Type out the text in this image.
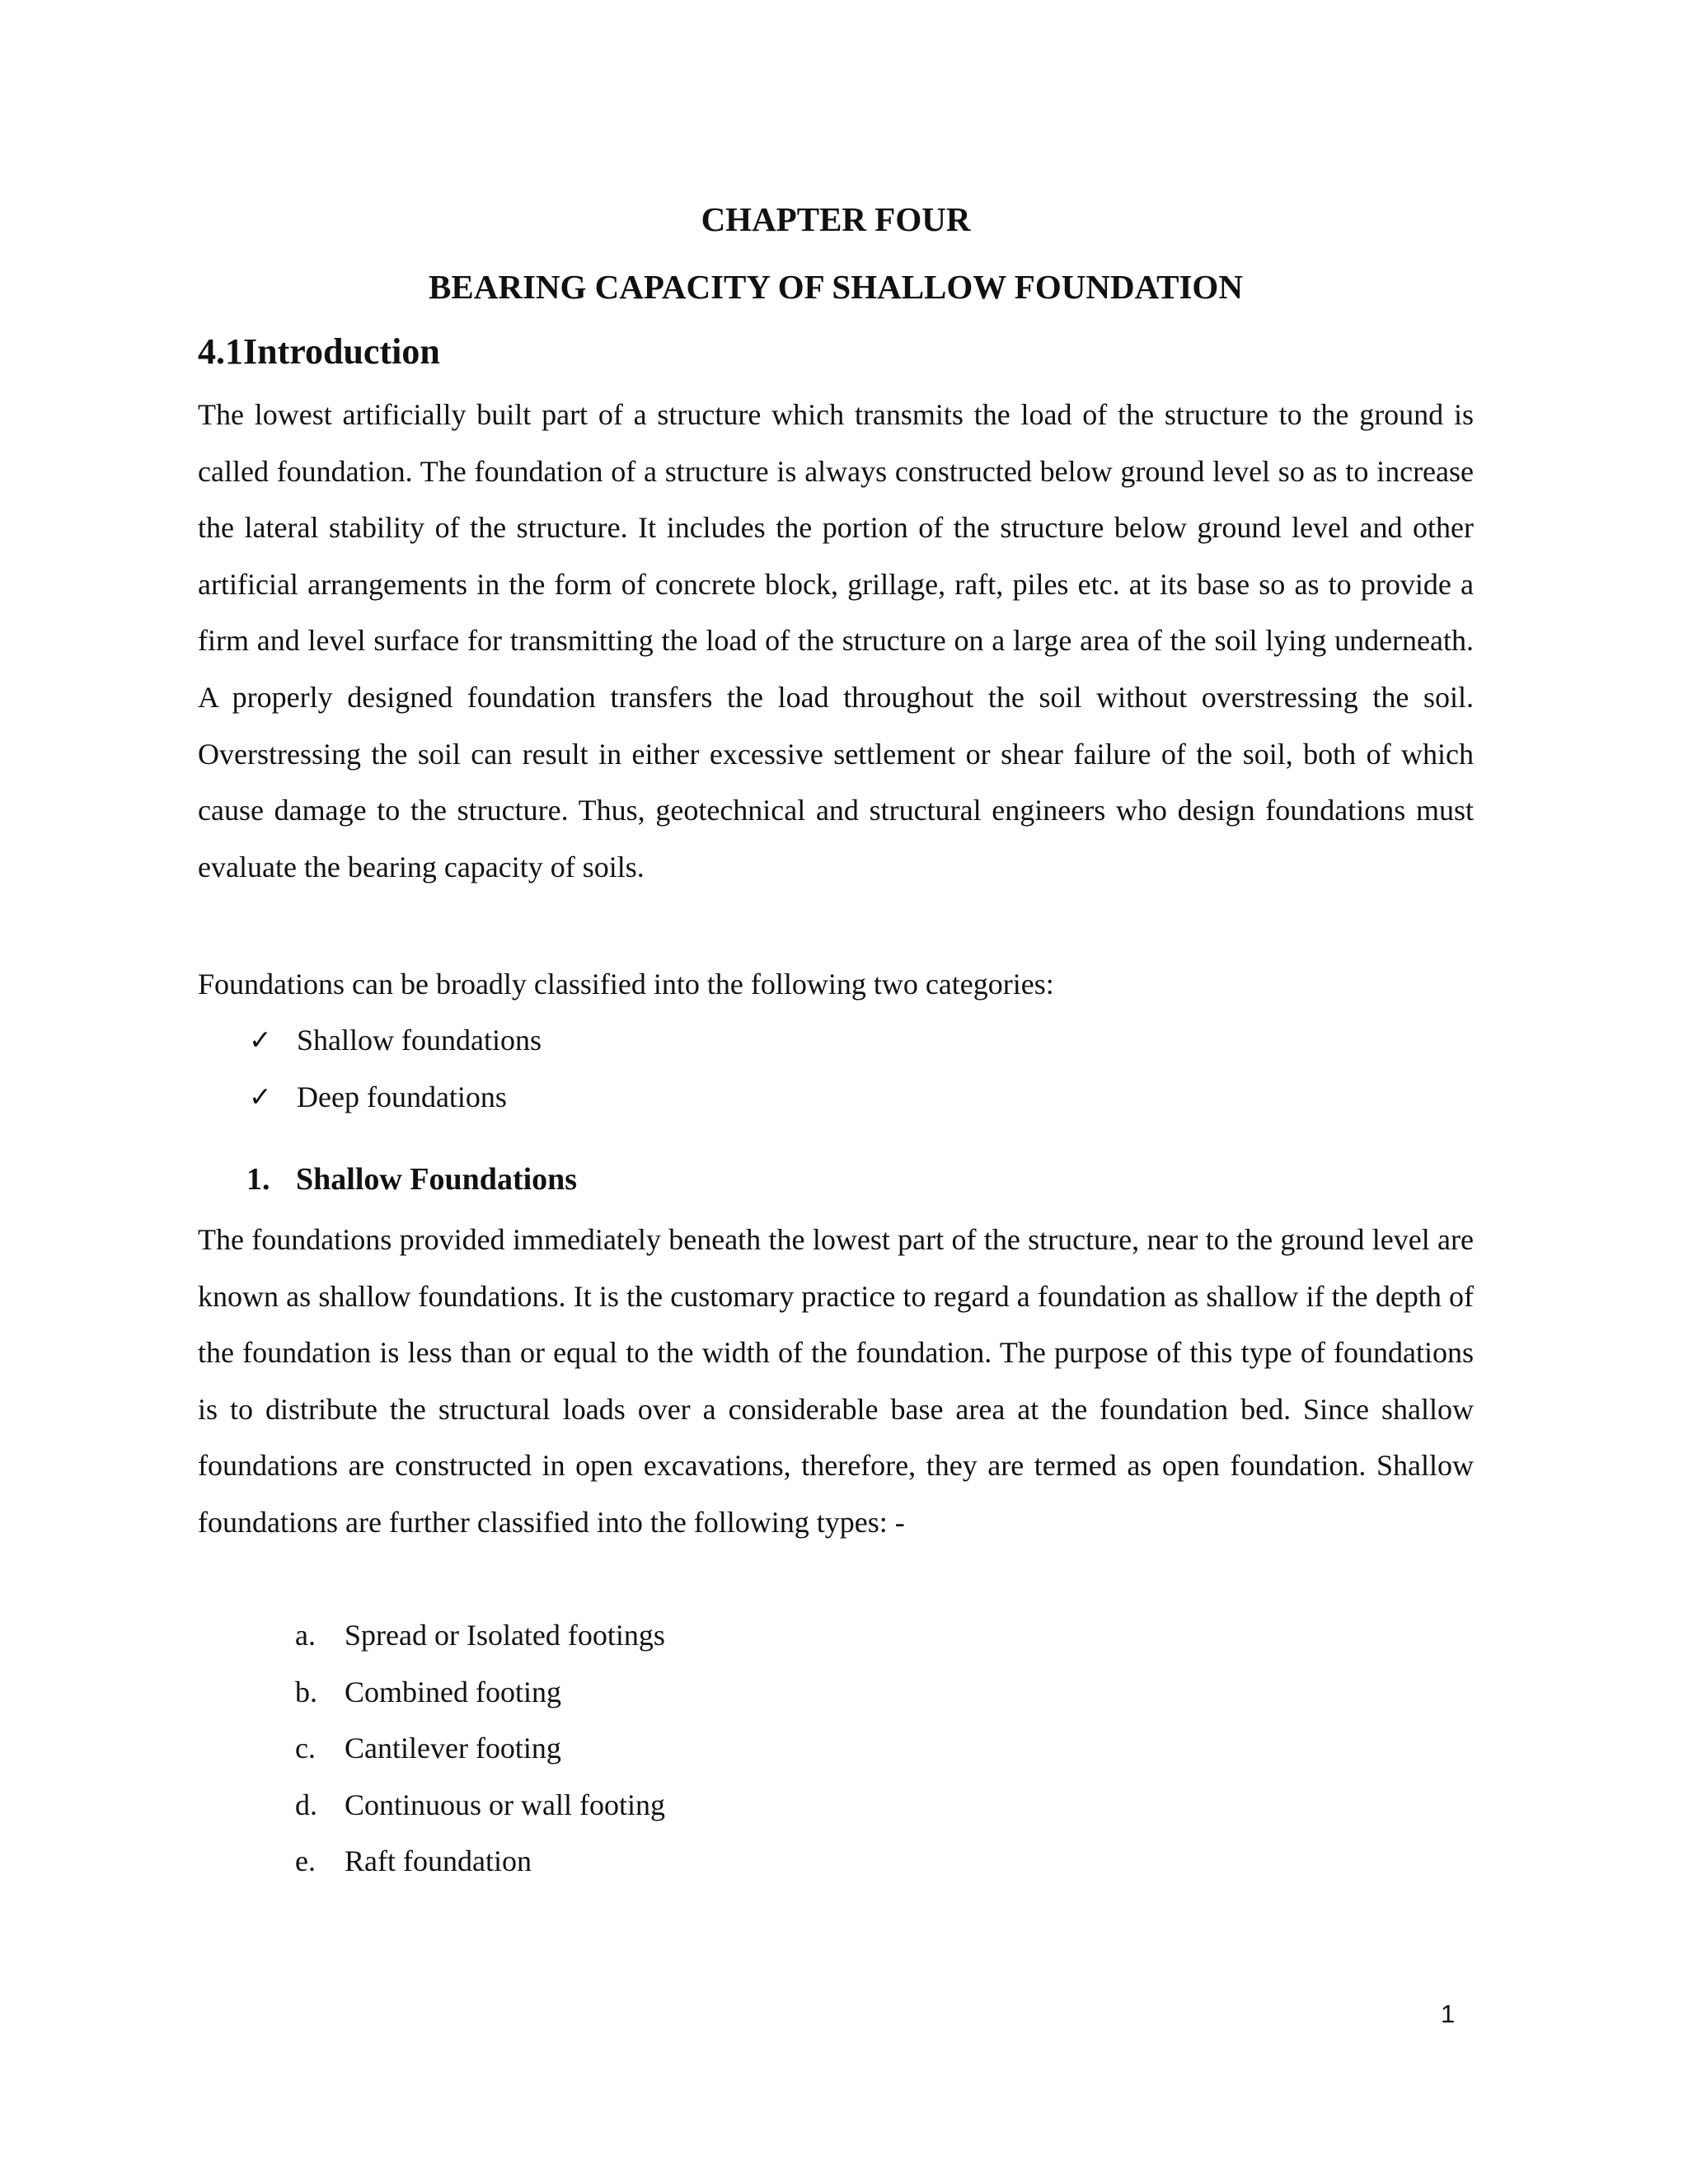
CHAPTER FOUR
BEARING CAPACITY OF SHALLOW FOUNDATION
4.1Introduction

The lowest artificially built part of a structure which transmits the load of the structure to the ground is called foundation. The foundation of a structure is always constructed below ground level so as to increase the lateral stability of the structure. It includes the portion of the structure below ground level and other artificial arrangements in the form of concrete block, grillage, raft, piles etc. at its base so as to provide a firm and level surface for transmitting the load of the structure on a large area of the soil lying underneath. A properly designed foundation transfers the load throughout the soil without overstressing the soil. Overstressing the soil can result in either excessive settlement or shear failure of the soil, both of which cause damage to the structure. Thus, geotechnical and structural engineers who design foundations must evaluate the bearing capacity of soils.

Foundations can be broadly classified into the following two categories:

✓ Shallow foundations
✓ Deep foundations
1. Shallow Foundations

The foundations provided immediately beneath the lowest part of the structure, near to the ground level are known as shallow foundations. It is the customary practice to regard a foundation as shallow if the depth of the foundation is less than or equal to the width of the foundation. The purpose of this type of foundations is to distribute the structural loads over a considerable base area at the foundation bed. Since shallow foundations are constructed in open excavations, therefore, they are termed as open foundation. Shallow foundations are further classified into the following types: -

a. Spread or Isolated footings
b. Combined footing
c. Cantilever footing
d. Continuous or wall footing
e. Raft foundation
1
